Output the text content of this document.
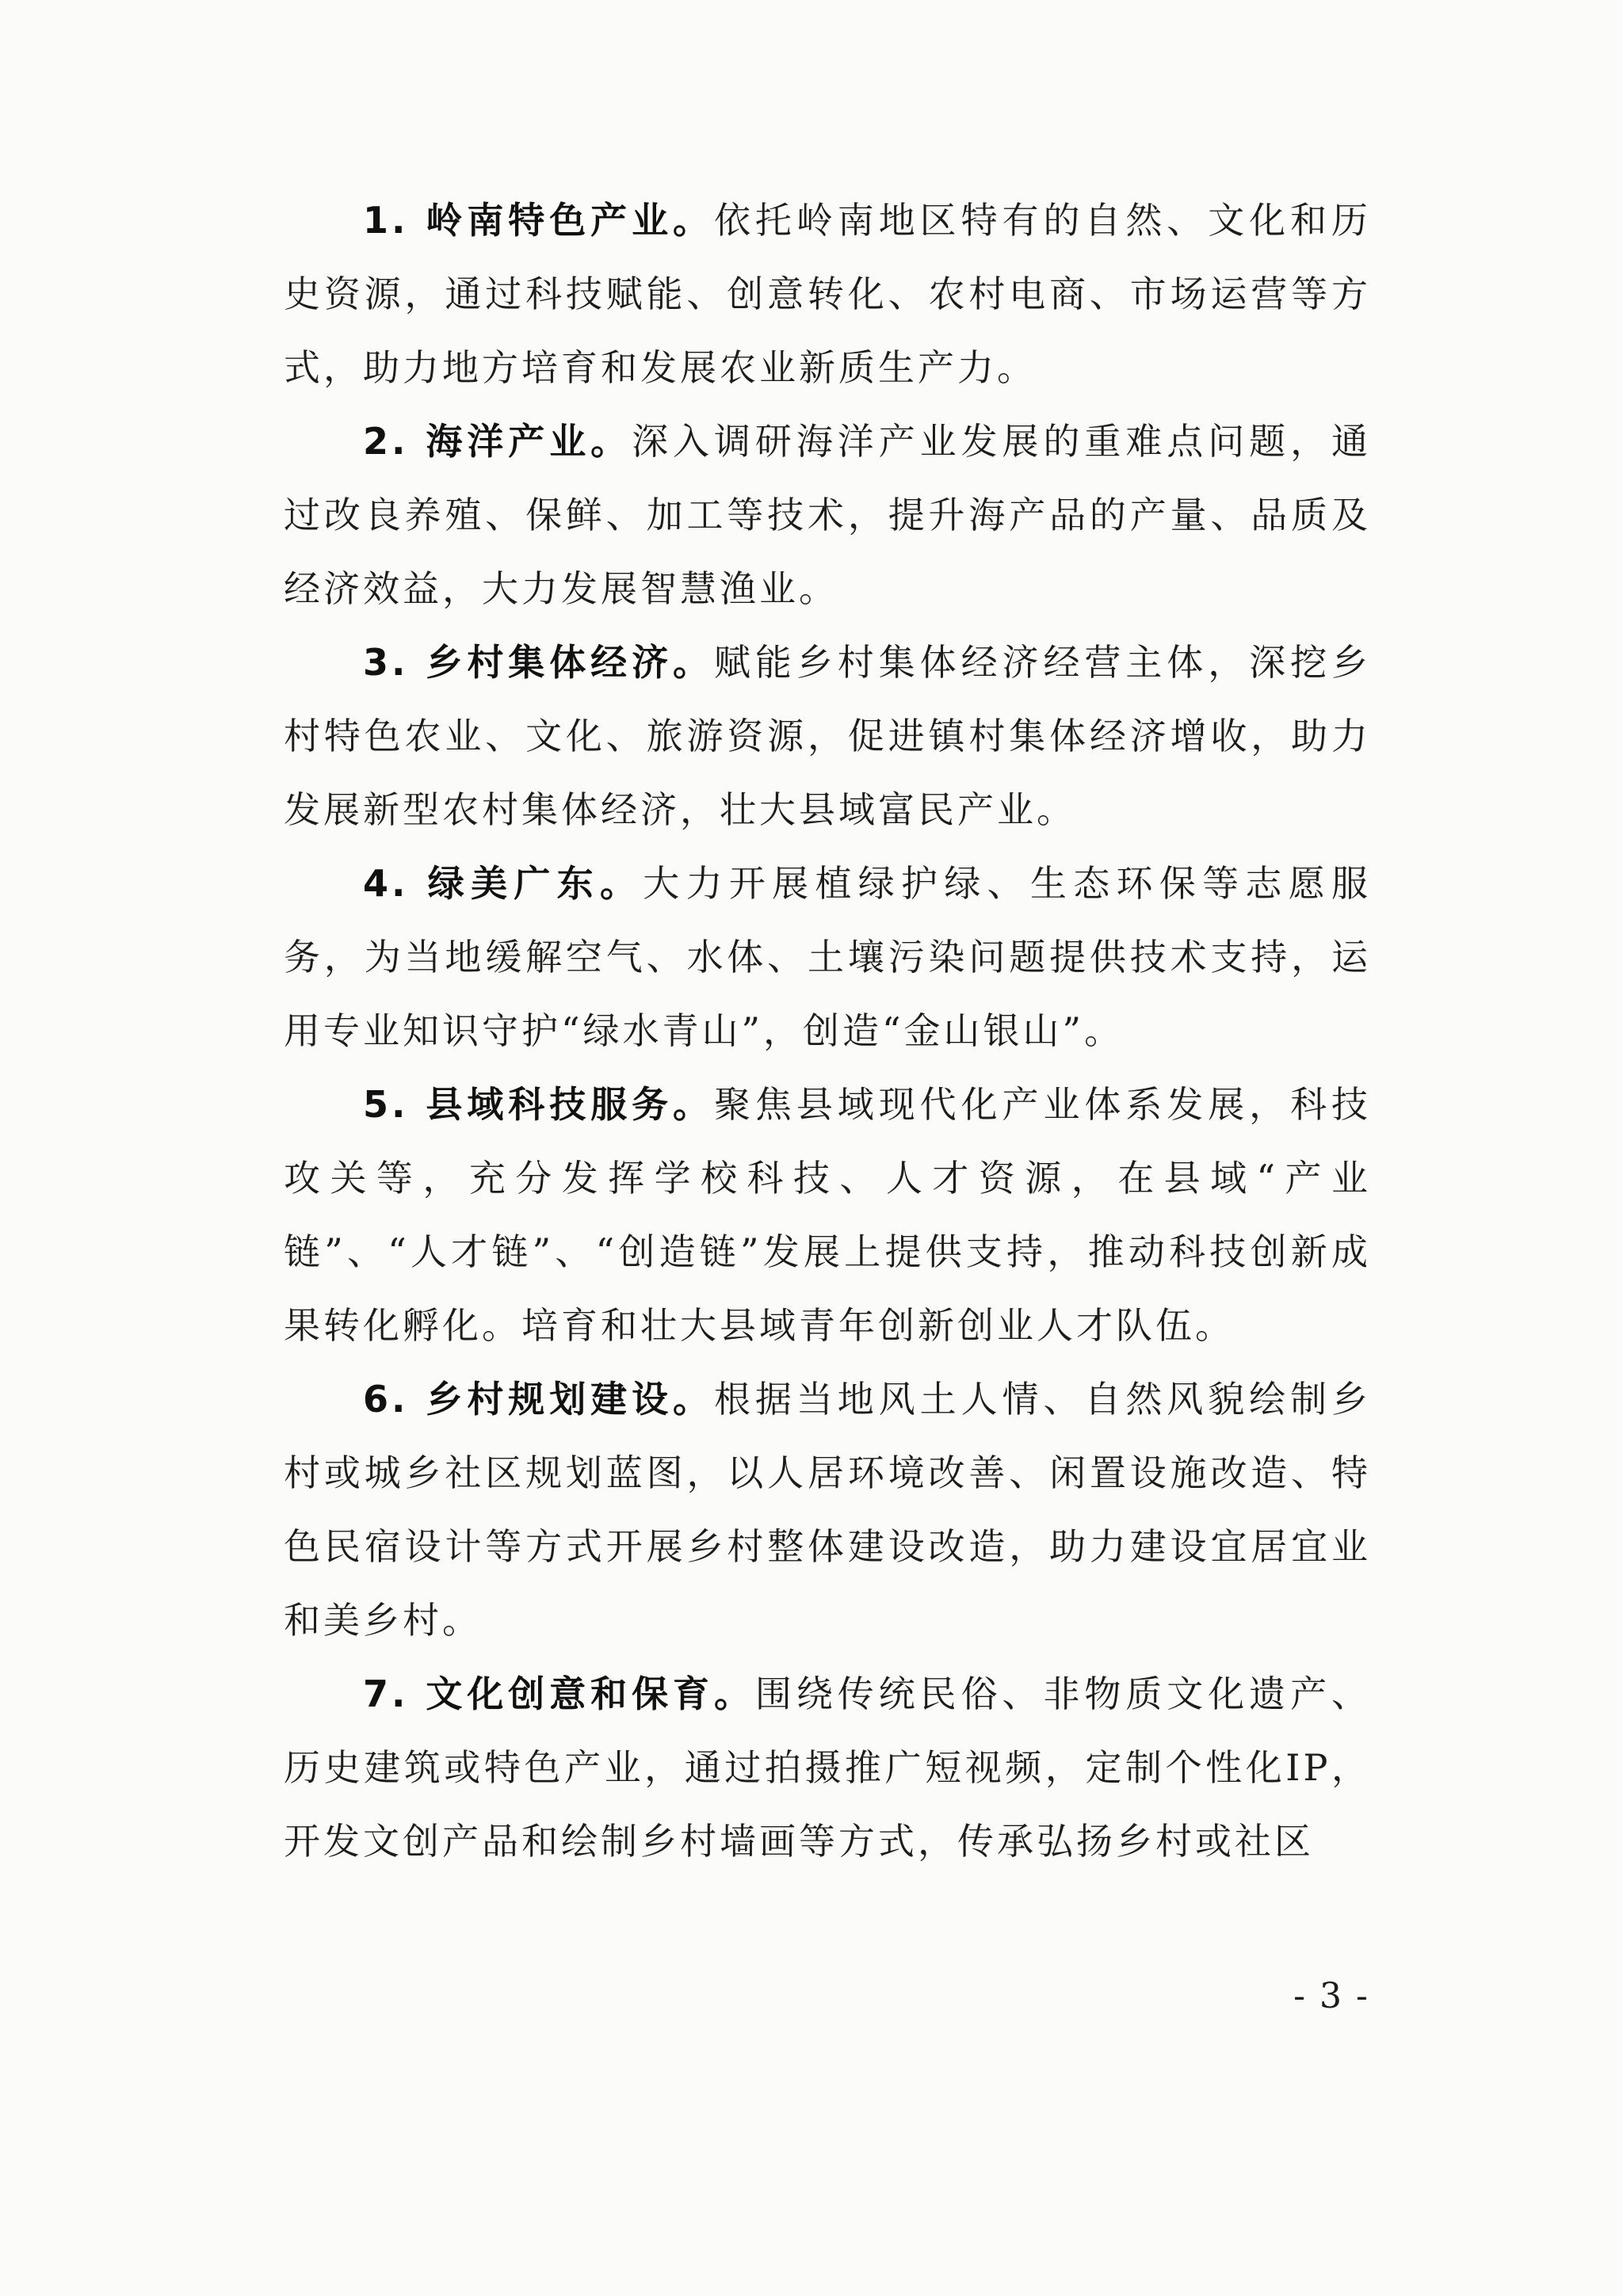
1. 岭南特色产业。依托岭南地区特有的自然、文化和历史资源，通过科技赋能、创意转化、农村电商、市场运营等方式，助力地方培育和发展农业新质生产力。

2. 海洋产业。深入调研海洋产业发展的重难点问题，通过改良养殖、保鲜、加工等技术，提升海产品的产量、品质及经济效益，大力发展智慧渔业。

3. 乡村集体经济。赋能乡村集体经济经营主体，深挖乡村特色农业、文化、旅游资源，促进镇村集体经济增收，助力发展新型农村集体经济，壮大县域富民产业。

4. 绿美广东。大力开展植绿护绿、生态环保等志愿服务，为当地缓解空气、水体、土壤污染问题提供技术支持，运用专业知识守护“绿水青山”，创造“金山银山”。

5. 县域科技服务。聚焦县域现代化产业体系发展，科技攻关等，充分发挥学校科技、人才资源，在县域“产业链”、“人才链”、“创造链”发展上提供支持，推动科技创新成果转化孵化。培育和壮大县域青年创新创业人才队伍。

6. 乡村规划建设。根据当地风土人情、自然风貌绘制乡村或城乡社区规划蓝图，以人居环境改善、闲置设施改造、特色民宿设计等方式开展乡村整体建设改造，助力建设宜居宜业和美乡村。

7. 文化创意和保育。围绕传统民俗、非物质文化遗产、历史建筑或特色产业，通过拍摄推广短视频，定制个性化IP，开发文创产品和绘制乡村墙画等方式，传承弘扬乡村或社区

- 3 -
